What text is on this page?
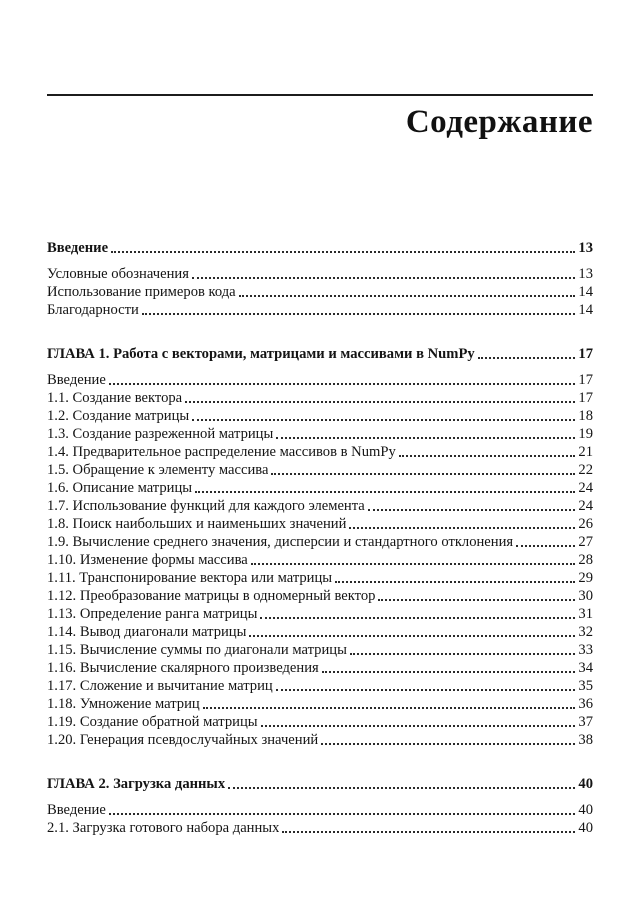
Содержание
Введение	13
Условные обозначения	13
Использование примеров кода	14
Благодарности	14
ГЛАВА 1. Работа с векторами, матрицами и массивами в NumPy	17
Введение	17
1.1. Создание вектора	17
1.2. Создание матрицы	18
1.3. Создание разреженной матрицы	19
1.4. Предварительное распределение массивов в NumPy	21
1.5. Обращение к элементу массива	22
1.6. Описание матрицы	24
1.7. Использование функций для каждого элемента	24
1.8. Поиск наибольших и наименьших значений	26
1.9. Вычисление среднего значения, дисперсии и стандартного отклонения	27
1.10. Изменение формы массива	28
1.11. Транспонирование вектора или матрицы	29
1.12. Преобразование матрицы в одномерный вектор	30
1.13. Определение ранга матрицы	31
1.14. Вывод диагонали матрицы	32
1.15. Вычисление суммы по диагонали матрицы	33
1.16. Вычисление скалярного произведения	34
1.17. Сложение и вычитание матриц	35
1.18. Умножение матриц	36
1.19. Создание обратной матрицы	37
1.20. Генерация псевдослучайных значений	38
ГЛАВА 2. Загрузка данных	40
Введение	40
2.1. Загрузка готового набора данных	40
